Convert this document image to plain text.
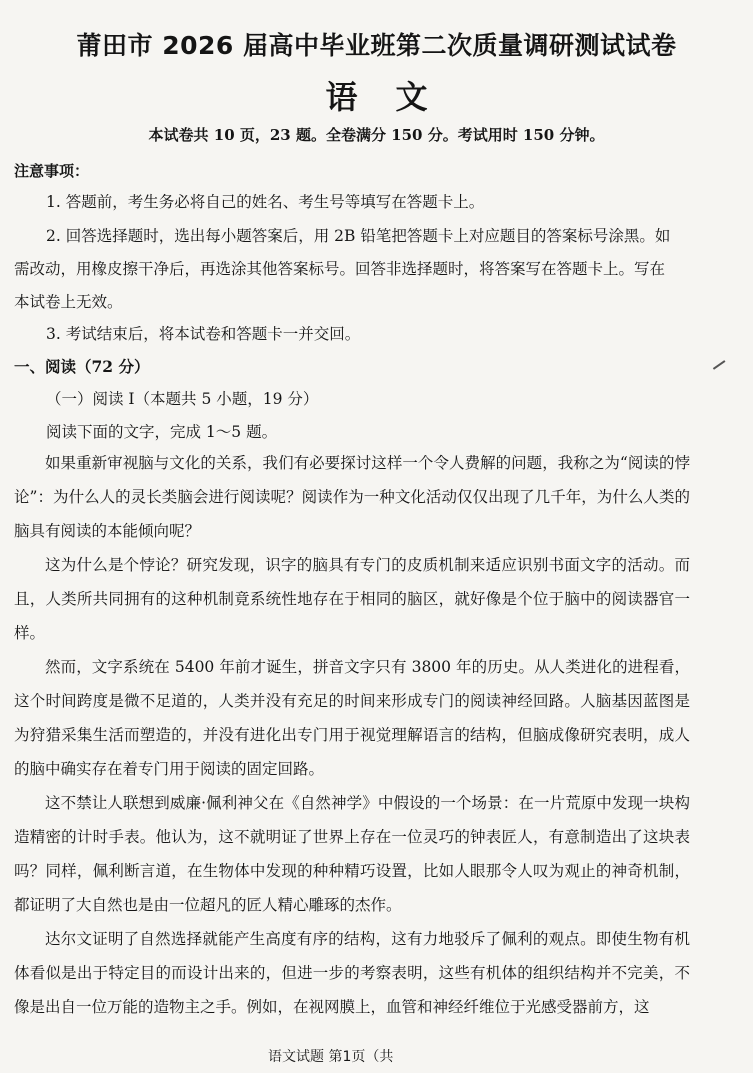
莆田市 2026 届高中毕业班第二次质量调研测试试卷
语文
本试卷共 10 页，23 题。全卷满分 150 分。考试用时 150 分钟。
注意事项：
1. 答题前，考生务必将自己的姓名、考生号等填写在答题卡上。
2. 回答选择题时，选出每小题答案后，用 2B 铅笔把答题卡上对应题目的答案标号涂黑。如
需改动，用橡皮擦干净后，再选涂其他答案标号。回答非选择题时，将答案写在答题卡上。写在
本试卷上无效。
3. 考试结束后，将本试卷和答题卡一并交回。
一、阅读（72 分）
（一）阅读 I（本题共 5 小题，19 分）
阅读下面的文字，完成 1～5 题。
如果重新审视脑与文化的关系，我们有必要探讨这样一个令人费解的问题，我称之为“阅读的悖论”：为什么人的灵长类脑会进行阅读呢？阅读作为一种文化活动仅仅出现了几千年，为什么人类的脑具有阅读的本能倾向呢？
这为什么是个悖论？研究发现，识字的脑具有专门的皮质机制来适应识别书面文字的活动。而且，人类所共同拥有的这种机制竟系统性地存在于相同的脑区，就好像是个位于脑中的阅读器官一样。
然而，文字系统在 5400 年前才诞生，拼音文字只有 3800 年的历史。从人类进化的进程看，这个时间跨度是微不足道的，人类并没有充足的时间来形成专门的阅读神经回路。人脑基因蓝图是为狩猎采集生活而塑造的，并没有进化出专门用于视觉理解语言的结构，但脑成像研究表明，成人的脑中确实存在着专门用于阅读的固定回路。
这不禁让人联想到威廉·佩利神父在《自然神学》中假设的一个场景：在一片荒原中发现一块构造精密的计时手表。他认为，这不就明证了世界上存在一位灵巧的钟表匠人，有意制造出了这块表吗？同样，佩利断言道，在生物体中发现的种种精巧设置，比如人眼那令人叹为观止的神奇机制，都证明了大自然也是由一位超凡的匠人精心雕琢的杰作。
达尔文证明了自然选择就能产生高度有序的结构，这有力地驳斥了佩利的观点。即使生物有机体看似是出于特定目的而设计出来的，但进一步的考察表明，这些有机体的组织结构并不完美，不像是出自一位万能的造物主之手。例如，在视网膜上，血管和神经纤维位于光感受器前方，这
语文试题 第1页（共
